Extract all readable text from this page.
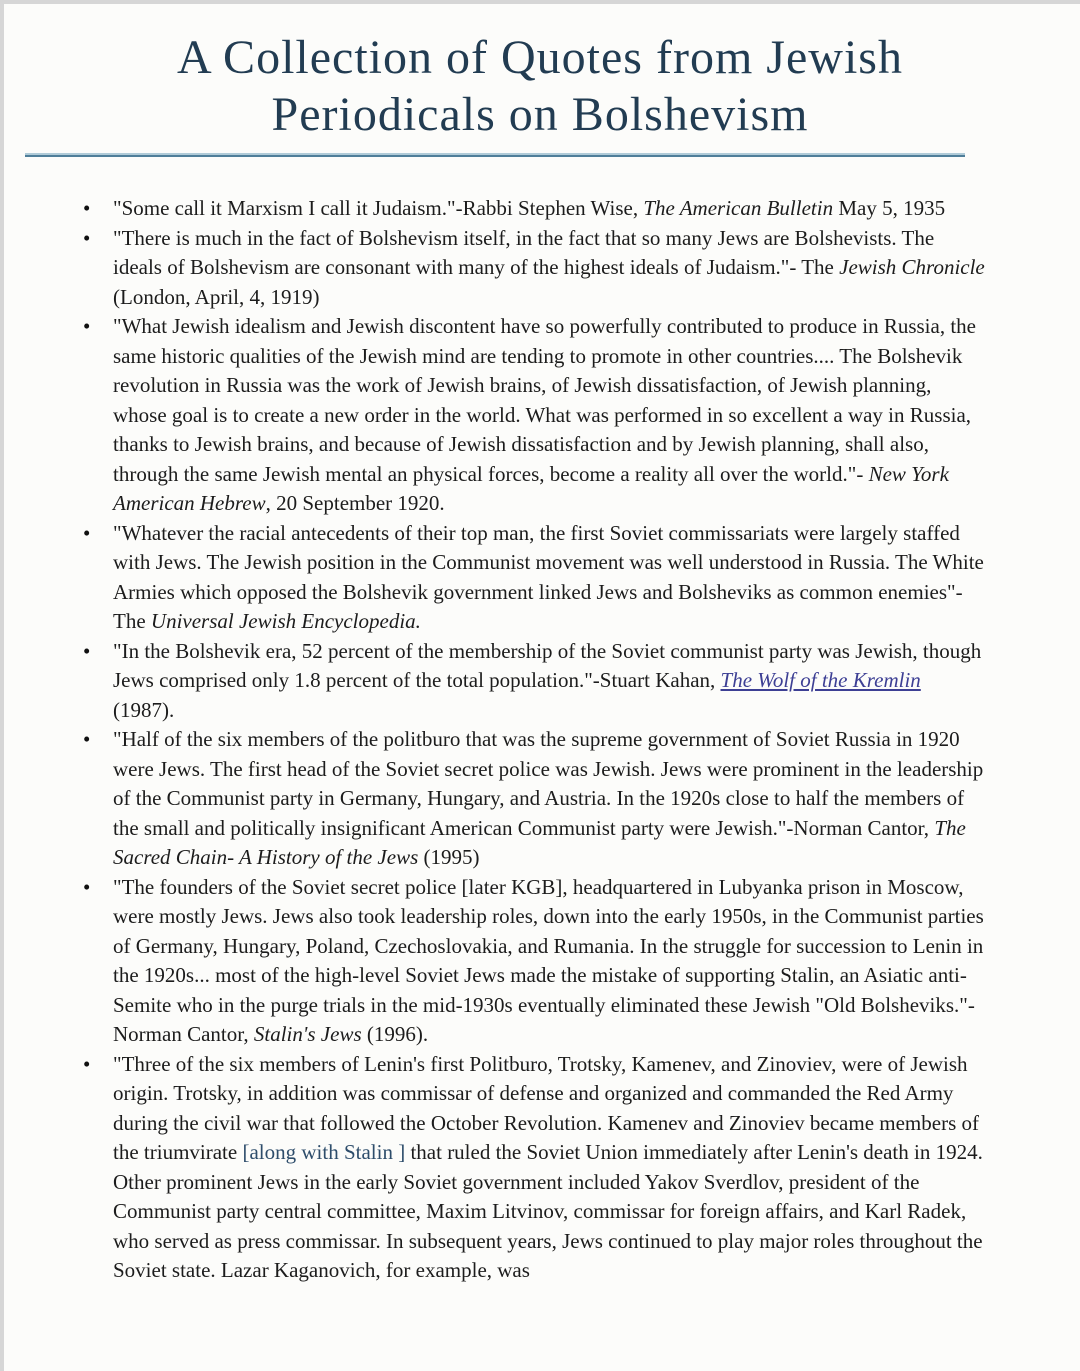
A Collection of Quotes from Jewish Periodicals on Bolshevism
• "Some call it Marxism I call it Judaism."-Rabbi Stephen Wise, The American Bulletin May 5, 1935
• "There is much in the fact of Bolshevism itself, in the fact that so many Jews are Bolshevists. The ideals of Bolshevism are consonant with many of the highest ideals of Judaism."- The Jewish Chronicle (London, April, 4, 1919)
• "What Jewish idealism and Jewish discontent have so powerfully contributed to produce in Russia, the same historic qualities of the Jewish mind are tending to promote in other countries.... The Bolshevik revolution in Russia was the work of Jewish brains, of Jewish dissatisfaction, of Jewish planning, whose goal is to create a new order in the world. What was performed in so excellent a way in Russia, thanks to Jewish brains, and because of Jewish dissatisfaction and by Jewish planning, shall also, through the same Jewish mental an physical forces, become a reality all over the world."- New York American Hebrew, 20 September 1920.
• "Whatever the racial antecedents of their top man, the first Soviet commissariats were largely staffed with Jews. The Jewish position in the Communist movement was well understood in Russia. The White Armies which opposed the Bolshevik government linked Jews and Bolsheviks as common enemies"- The Universal Jewish Encyclopedia.
• "In the Bolshevik era, 52 percent of the membership of the Soviet communist party was Jewish, though Jews comprised only 1.8 percent of the total population."-Stuart Kahan, The Wolf of the Kremlin (1987).
• "Half of the six members of the politburo that was the supreme government of Soviet Russia in 1920 were Jews. The first head of the Soviet secret police was Jewish. Jews were prominent in the leadership of the Communist party in Germany, Hungary, and Austria. In the 1920s close to half the members of the small and politically insignificant American Communist party were Jewish."-Norman Cantor, The Sacred Chain- A History of the Jews (1995)
• "The founders of the Soviet secret police [later KGB], headquartered in Lubyanka prison in Moscow, were mostly Jews. Jews also took leadership roles, down into the early 1950s, in the Communist parties of Germany, Hungary, Poland, Czechoslovakia, and Rumania. In the struggle for succession to Lenin in the 1920s... most of the high-level Soviet Jews made the mistake of supporting Stalin, an Asiatic anti-Semite who in the purge trials in the mid-1930s eventually eliminated these Jewish "Old Bolsheviks."-Norman Cantor, Stalin's Jews (1996).
• "Three of the six members of Lenin's first Politburo, Trotsky, Kamenev, and Zinoviev, were of Jewish origin. Trotsky, in addition was commissar of defense and organized and commanded the Red Army during the civil war that followed the October Revolution. Kamenev and Zinoviev became members of the triumvirate [along with Stalin ] that ruled the Soviet Union immediately after Lenin's death in 1924. Other prominent Jews in the early Soviet government included Yakov Sverdlov, president of the Communist party central committee, Maxim Litvinov, commissar for foreign affairs, and Karl Radek, who served as press commissar. In subsequent years, Jews continued to play major roles throughout the Soviet state. Lazar Kaganovich, for example, was
